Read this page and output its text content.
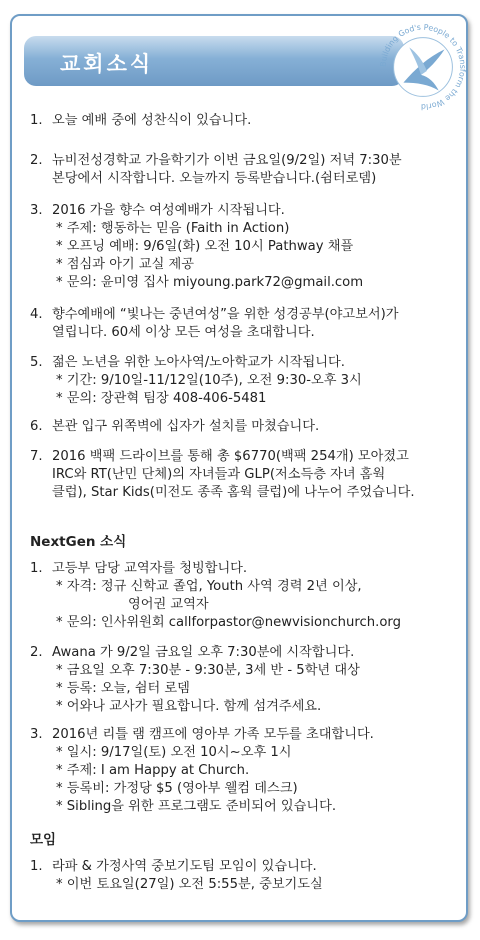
교회소식	Building God's People to Transform the World
1. 오늘 예배 중에 성찬식이 있습니다.
2. 뉴비전성경학교 가을학기가 이번 금요일(9/2일) 저녁 7:30분
본당에서 시작합니다. 오늘까지 등록받습니다.(쉼터로뎀)
3. 2016 가을 향수 여성예배가 시작됩니다.
* 주제: 행동하는 믿음 (Faith in Action)
* 오프닝 예배: 9/6일(화) 오전 10시 Pathway 채플
* 점심과 아기 교실 제공
* 문의: 윤미영 집사 miyoung.park72@gmail.com
4. 향수예배에 “빛나는 중년여성”을 위한 성경공부(야고보서)가
열립니다. 60세 이상 모든 여성을 초대합니다.
5. 젊은 노년을 위한 노아사역/노아학교가 시작됩니다.
* 기간: 9/10일-11/12일(10주), 오전 9:30-오후 3시
* 문의: 장관혁 팀장 408-406-5481
6. 본관 입구 위쪽벽에 십자가 설치를 마쳤습니다.
7. 2016 백팩 드라이브를 통해 총 $6770(백팩 254개) 모아졌고
IRC와 RT(난민 단체)의 자녀들과 GLP(저소득층 자녀 홈웍
클럽), Star Kids(미전도 종족 홈웍 클럽)에 나누어 주었습니다.
NextGen 소식
1. 고등부 담당 교역자를 청빙합니다.
* 자격: 정규 신학교 졸업, Youth 사역 경력 2년 이상,
영어권 교역자
* 문의: 인사위원회 callforpastor@newvisionchurch.org
2. Awana 가 9/2일 금요일 오후 7:30분에 시작합니다.
* 금요일 오후 7:30분 - 9:30분, 3세 반 - 5학년 대상
* 등록: 오늘, 쉼터 로뎀
* 어와나 교사가 필요합니다. 함께 섬겨주세요.
3. 2016년 리틀 램 캠프에 영아부 가족 모두를 초대합니다.
* 일시: 9/17일(토) 오전 10시~오후 1시
* 주제: I am Happy at Church.
* 등록비: 가정당 $5 (영아부 웰컴 데스크)
* Sibling을 위한 프로그램도 준비되어 있습니다.
모임
1. 라파 & 가정사역 중보기도팀 모임이 있습니다.
* 이번 토요일(27일) 오전 5:55분, 중보기도실
